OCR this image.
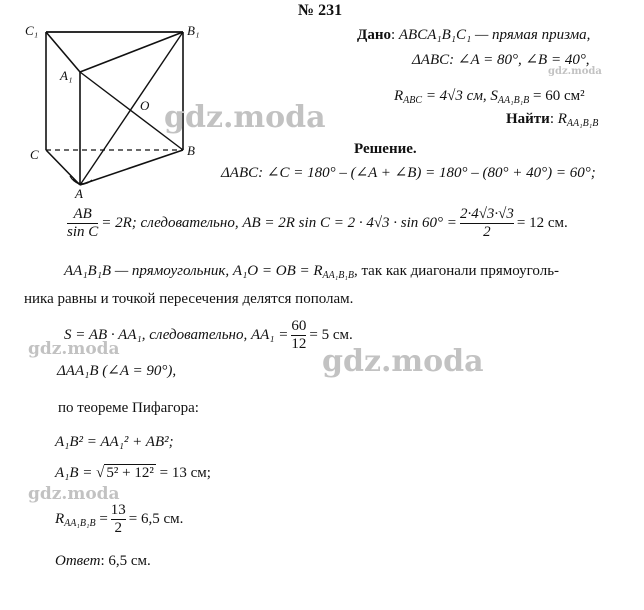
№ 231
C₁	B₁
A₁
O
C	B
A
Дано: ABCA₁B₁C₁ — прямая призма,
ΔABC: ∠A = 80°, ∠B = 40°,
$R_{ABC} = 4√3$ см, $S_{AA_1B_1B} = 60$ см²
Найти: $R_{AA_1B_1B}$
Решение.
ΔABC: ∠C = 180° – (∠A + ∠B) = 180° – (80° + 40°) = 60°;
$\frac{AB}{\text{sin C}} = 2R$; следовательно, AB = 2R $\sin C = 2 \cdot 4√3 \cdot \sin 60^\circ = \frac{2\cdot 4√3\cdot√3}{2} = 12$ см.
AA₁B₁B — прямоугольник, A₁O = OB = $R_{AA_1B_1B}$, так как диагонали прямоуголь-
ника равны и точкой пересечения делятся пополам.
S = AB · AA₁, следовательно, $AA_1 = \frac{60}{12} = 5$ см.
ΔAA₁B (∠A = 90°),
по теореме Пифагора:
A₁B² = AA₁² + AB²;
A₁B = √ 5² + 12² = 13 см;
$R_{AA_1B_1B} = \frac{13}{2} = 6,5$ см.
Ответ: 6,5 см.
gdz.moda
gdz.moda
gdz.moda
gdz.moda
gdz.moda
